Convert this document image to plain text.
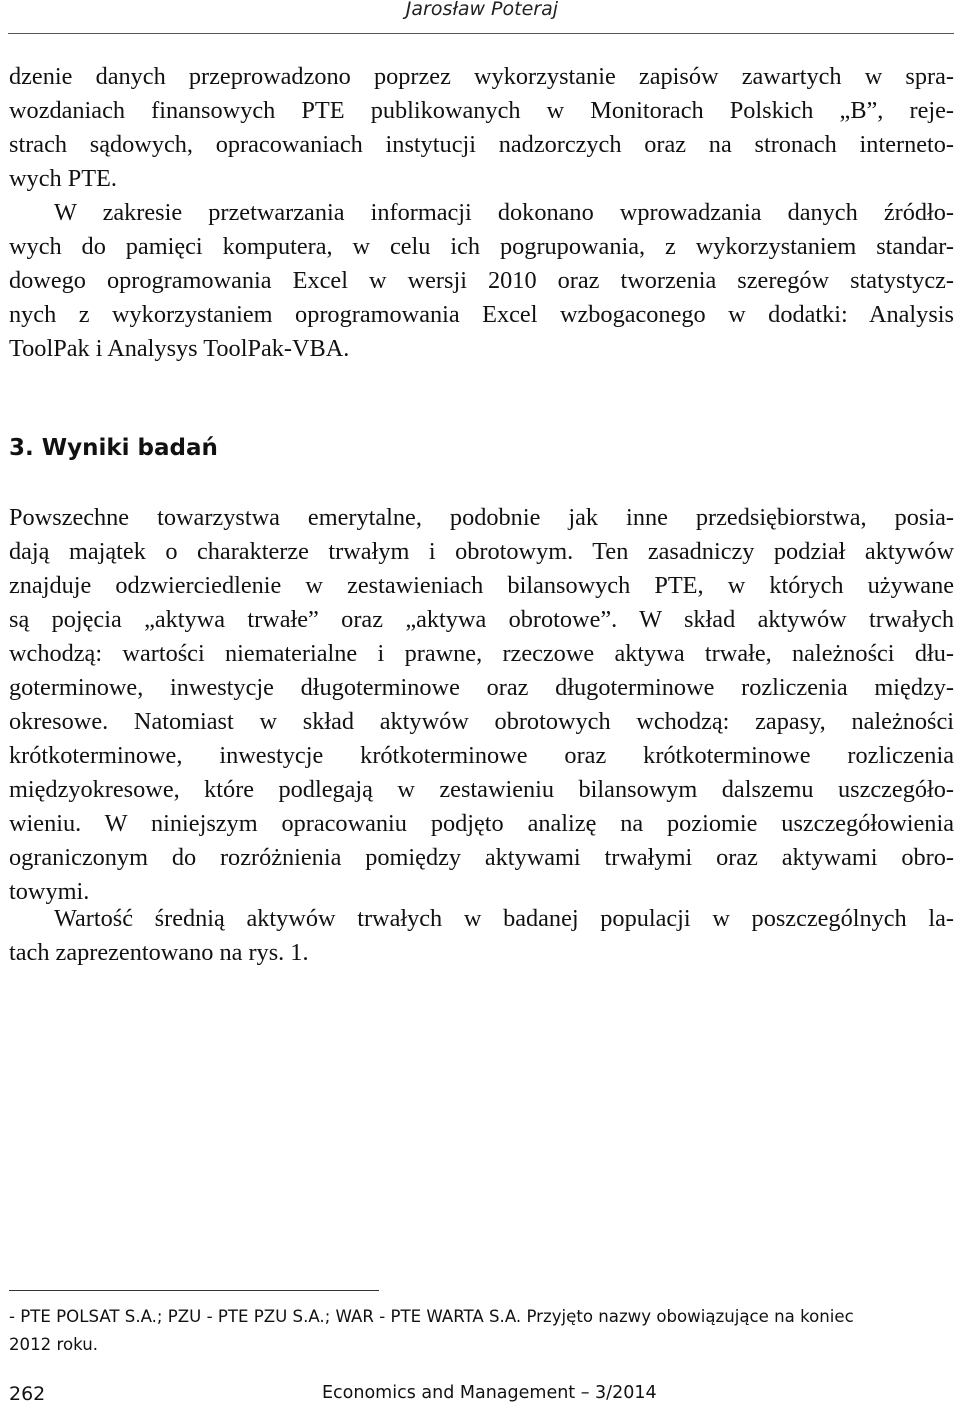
Jarosław Poteraj

dzenie danych przeprowadzono poprzez wykorzystanie zapisów zawartych w spra-
wozdaniach finansowych PTE publikowanych w Monitorach Polskich „B”, reje-
strach sądowych, opracowaniach instytucji nadzorczych oraz na stronach interneto-
wych PTE.

W zakresie przetwarzania informacji dokonano wprowadzania danych źródło-
wych do pamięci komputera, w celu ich pogrupowania, z wykorzystaniem standar-
dowego oprogramowania Excel w wersji 2010 oraz tworzenia szeregów statystycz-
nych z wykorzystaniem oprogramowania Excel wzbogaconego w dodatki: Analysis
ToolPak i Analysys ToolPak-VBA.

3. Wyniki badań

Powszechne towarzystwa emerytalne, podobnie jak inne przedsiębiorstwa, posia-
dają majątek o charakterze trwałym i obrotowym. Ten zasadniczy podział aktywów
znajduje odzwierciedlenie w zestawieniach bilansowych PTE, w których używane
są pojęcia „aktywa trwałe” oraz „aktywa obrotowe”. W skład aktywów trwałych
wchodzą: wartości niematerialne i prawne, rzeczowe aktywa trwałe, należności dłu-
goterminowe, inwestycje długoterminowe oraz długoterminowe rozliczenia między-
okresowe. Natomiast w skład aktywów obrotowych wchodzą: zapasy, należności
krótkoterminowe, inwestycje krótkoterminowe oraz krótkoterminowe rozliczenia
międzyokresowe, które podlegają w zestawieniu bilansowym dalszemu uszczegóło-
wieniu. W niniejszym opracowaniu podjęto analizę na poziomie uszczegółowienia
ograniczonym do rozróżnienia pomiędzy aktywami trwałymi oraz aktywami obro-
towymi.

Wartość średnią aktywów trwałych w badanej populacji w poszczególnych la-
tach zaprezentowano na rys. 1.

- PTE POLSAT S.A.; PZU - PTE PZU S.A.; WAR - PTE WARTA S.A. Przyjęto nazwy obowiązujące na koniec
2012 roku.

262	Economics and Management – 3/2014
